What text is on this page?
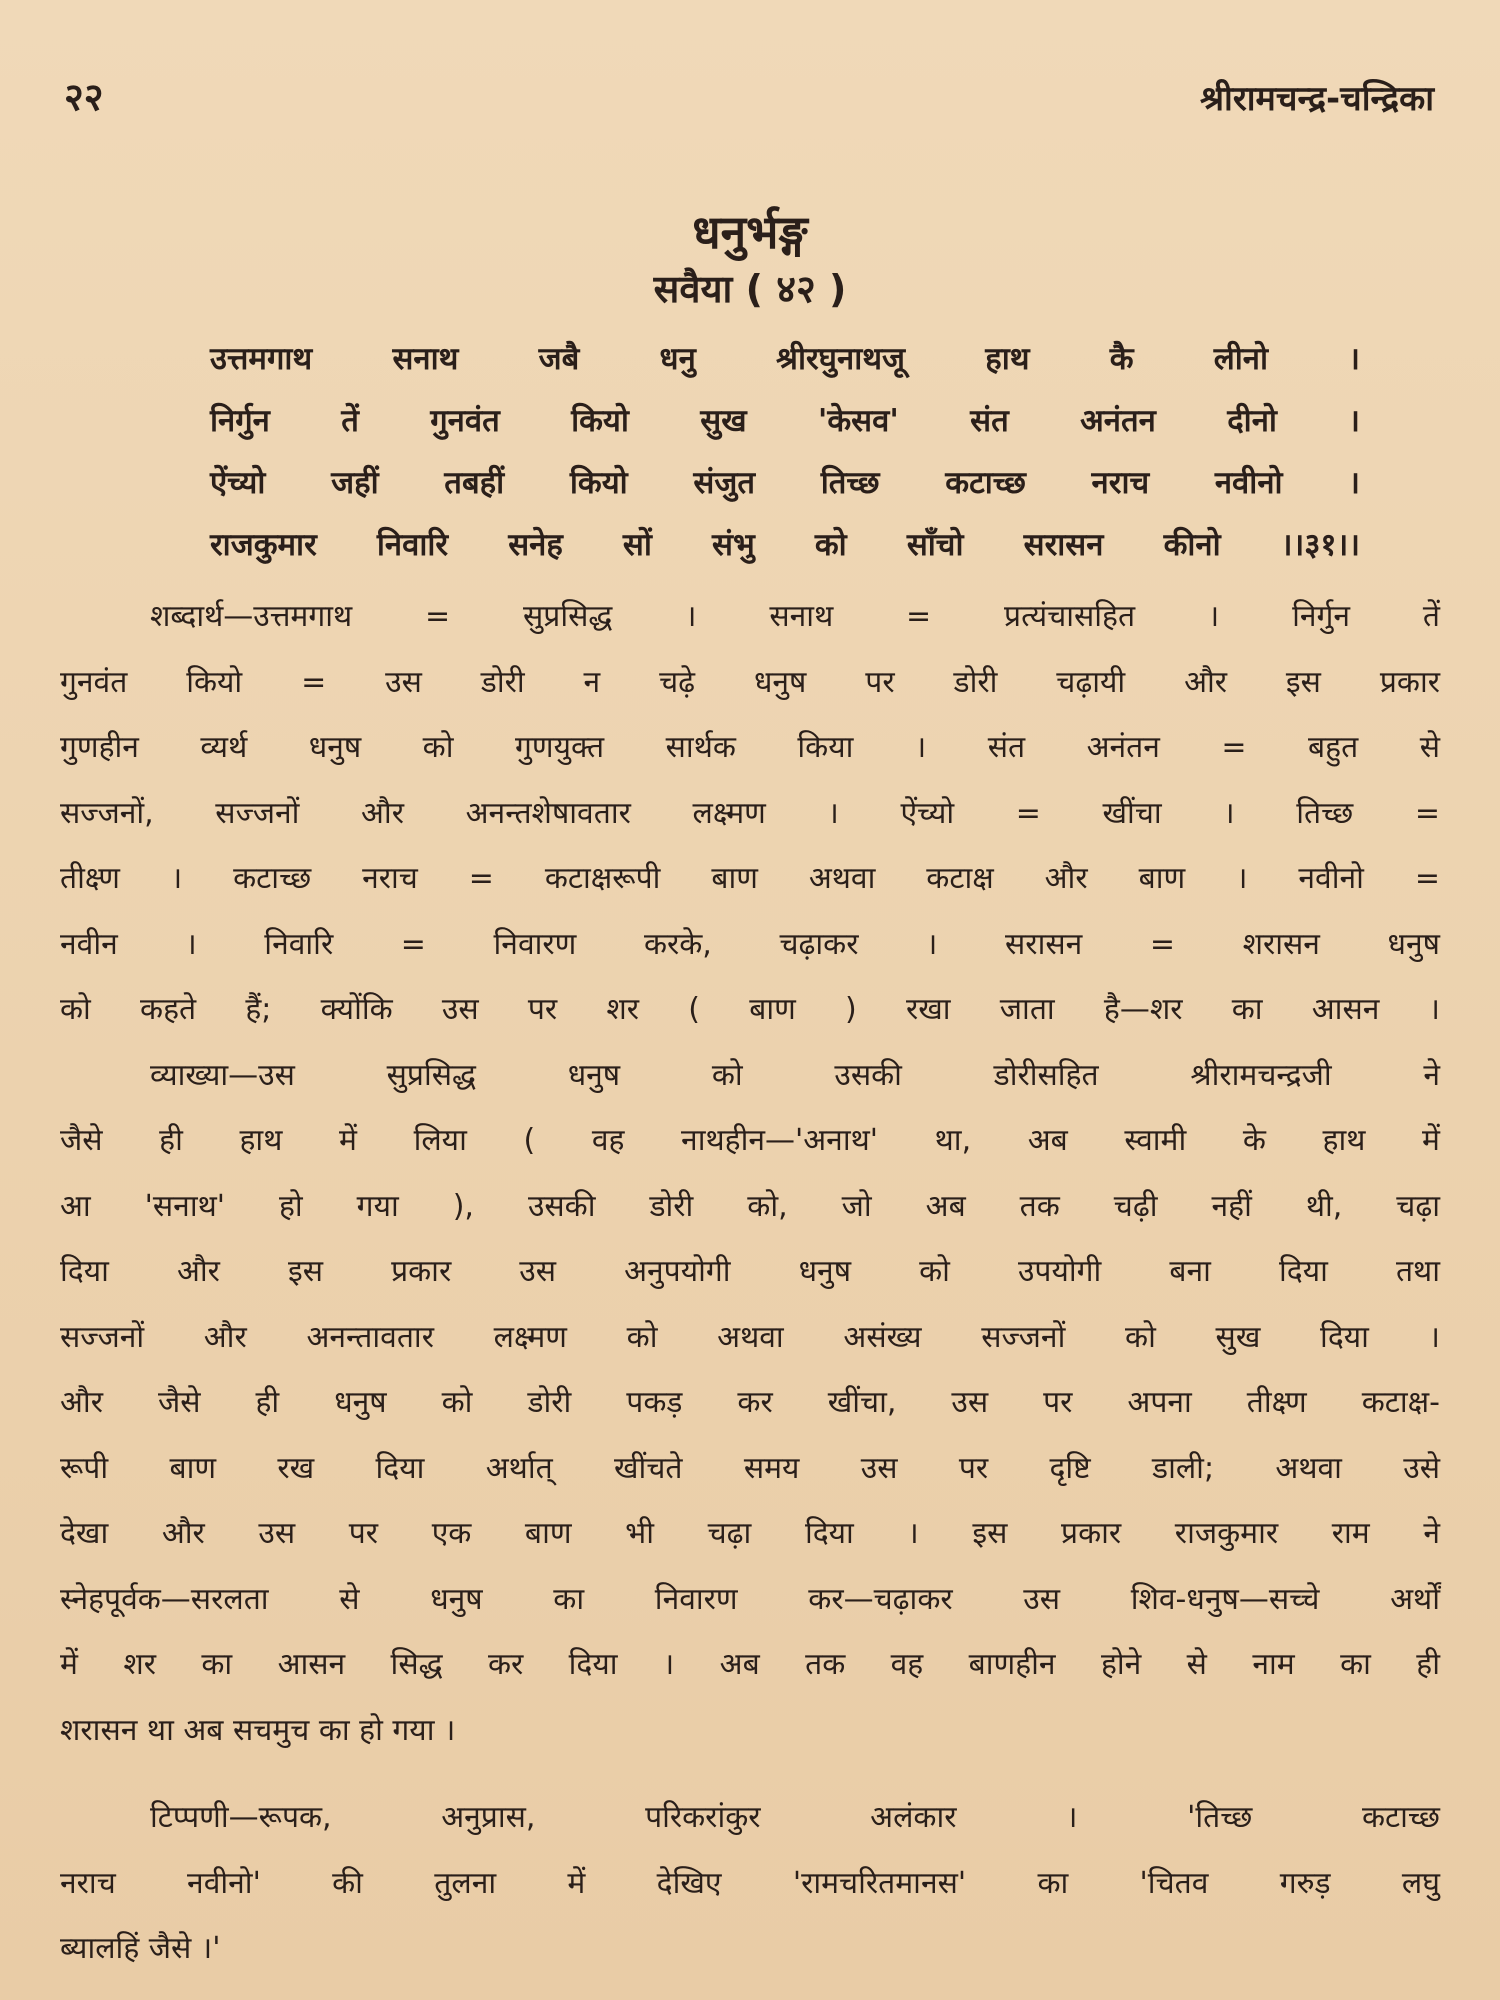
२२	श्रीरामचन्द्र-चन्द्रिका
धनुर्भङ्ग
सवैया ( ४२ )
उत्तमगाथ सनाथ जबै धनु श्रीरघुनाथजू हाथ कै लीनो ।
निर्गुन तें गुनवंत कियो सुख 'केसव' संत अनंतन दीनो ।
ऐंच्यो जहीं तबहीं कियो संजुत तिच्छ कटाच्छ नराच नवीनो ।
राजकुमार निवारि सनेह सों संभु को साँचो सरासन कीनो ।।३१।।
शब्दार्थ—उत्तमगाथ = सुप्रसिद्ध । सनाथ = प्रत्यंचासहित । निर्गुन तें
गुनवंत कियो = उस डोरी न चढ़े धनुष पर डोरी चढ़ायी और इस प्रकार
गुणहीन व्यर्थ धनुष को गुणयुक्त सार्थक किया । संत अनंतन = बहुत से
सज्जनों, सज्जनों और अनन्तशेषावतार लक्ष्मण । ऐंच्यो = खींचा । तिच्छ =
तीक्ष्ण । कटाच्छ नराच = कटाक्षरूपी बाण अथवा कटाक्ष और बाण । नवीनो =
नवीन । निवारि = निवारण करके, चढ़ाकर । सरासन = शरासन धनुष
को कहते हैं; क्योंकि उस पर शर ( बाण ) रखा जाता है—शर का आसन ।
व्याख्या—उस सुप्रसिद्ध धनुष को उसकी डोरीसहित श्रीरामचन्द्रजी ने
जैसे ही हाथ में लिया ( वह नाथहीन—'अनाथ' था, अब स्वामी के हाथ में
आ 'सनाथ' हो गया ), उसकी डोरी को, जो अब तक चढ़ी नहीं थी, चढ़ा
दिया और इस प्रकार उस अनुपयोगी धनुष को उपयोगी बना दिया तथा
सज्जनों और अनन्तावतार लक्ष्मण को अथवा असंख्य सज्जनों को सुख दिया ।
और जैसे ही धनुष को डोरी पकड़ कर खींचा, उस पर अपना तीक्ष्ण कटाक्ष-
रूपी बाण रख दिया अर्थात् खींचते समय उस पर दृष्टि डाली; अथवा उसे
देखा और उस पर एक बाण भी चढ़ा दिया । इस प्रकार राजकुमार राम ने
स्नेहपूर्वक—सरलता से धनुष का निवारण कर—चढ़ाकर उस शिव-धनुष—सच्चे अर्थों
में शर का आसन सिद्ध कर दिया । अब तक वह बाणहीन होने से नाम का ही
शरासन था अब सचमुच का हो गया ।
टिप्पणी—रूपक, अनुप्रास, परिकरांकुर अलंकार । 'तिच्छ कटाच्छ
नराच नवीनो' की तुलना में देखिए 'रामचरितमानस' का 'चितव गरुड़ लघु
ब्यालहिं जैसे ।'
